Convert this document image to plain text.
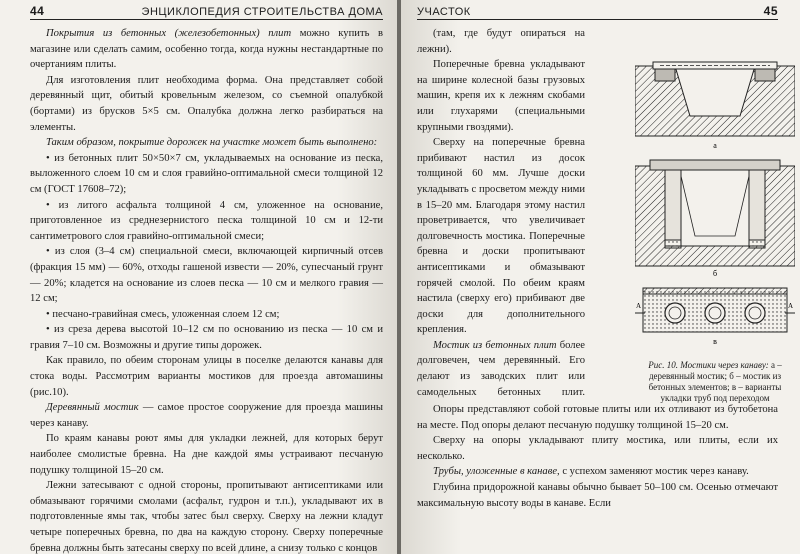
44	ЭНЦИКЛОПЕДИЯ СТРОИТЕЛЬСТВА ДОМА

Покрытия из бетонных (железобетонных) плит можно купить в магазине или сделать самим, особенно тогда, когда нужны нестандартные по очертаниям плиты.

Для изготовления плит необходима форма. Она представляет собой деревянный щит, обитый кровельным железом, со съемной опалубкой (бортами) из брусков 5×5 см. Опалубка должна легко разбираться на элементы.

Таким образом, покрытие дорожек на участке может быть выполнено:

• из бетонных плит 50×50×7 см, укладываемых на основание из песка, выложенного слоем 10 см и слоя гравийно-оптимальной смеси толщиной 12 см (ГОСТ 17608–72);

• из литого асфальта толщиной 4 см, уложенное на основание, приготовленное из среднезернистого песка толщиной 10 см и 12-ти сантиметрового слоя гравийно-оптимальной смеси;

• из слоя (3–4 см) специальной смеси, включающей кирпичный отсев (фракция 15 мм) — 60%, отходы гашеной извести — 20%, супесчаный грунт — 20%; кладется на основание из слоев песка — 10 см и мелкого гравия — 12 см;

• песчано-гравийная смесь, уложенная слоем 12 см;

• из среза дерева высотой 10–12 см по основанию из песка — 10 см и гравия 7–10 см. Возможны и другие типы дорожек.

Как правило, по обеим сторонам улицы в поселке делаются канавы для стока воды. Рассмотрим варианты мостиков для проезда автомашины (рис.10).

Деревянный мостик — самое простое сооружение для проезда машины через канаву.

По краям канавы роют ямы для укладки лежней, для которых берут наиболее смолистые бревна. На дне каждой ямы устраивают песчаную подушку толщиной 15–20 см.

Лежни затесывают с одной стороны, пропитывают антисептиками или обмазывают горячими смолами (асфальт, гудрон и т.п.), укладывают их в подготовленные ямы так, чтобы затес был сверху. Сверху на лежни кладут четыре поперечных бревна, по два на каждую сторону. Сверху поперечные бревна должны быть затесаны сверху по всей длине, а снизу только с концов

УЧАСТОК	45

(там, где будут опираться на лежни).

Поперечные бревна укладывают на ширине колесной базы грузовых машин, крепя их к лежням скобами или глухарями (специальными крупными гвоздями).

Сверху на поперечные бревна прибивают настил из досок толщиной 60 мм. Лучше доски укладывать с просветом между ними в 15–20 мм. Благодаря этому настил проветривается, что увеличивает долговечность мостика. Поперечные бревна и доски пропитывают антисептиками и обмазывают горячей смолой. По обеим краям настила (сверху его) прибивают две доски для дополнительного крепления.

Мостик из бетонных плит более долговечен, чем деревянный. Его делают из заводских плит или самодельных бетонных плит.

а
б
А	А
в
Рис. 10. Мостики через канаву: а – деревянный мостик; б – мостик из бетонных элементов; в – варианты укладки труб под переходом

Опоры представляют собой готовые плиты или их отливают из бутобетона на месте. Под опоры делают песчаную подушку толщиной 15–20 см.

Сверху на опоры укладывают плиту мостика, или плиты, если их несколько.

Трубы, уложенные в канаве, с успехом заменяют мостик через канаву.

Глубина придорожной канавы обычно бывает 50–100 см. Осенью отмечают максимальную высоту воды в канаве. Если
